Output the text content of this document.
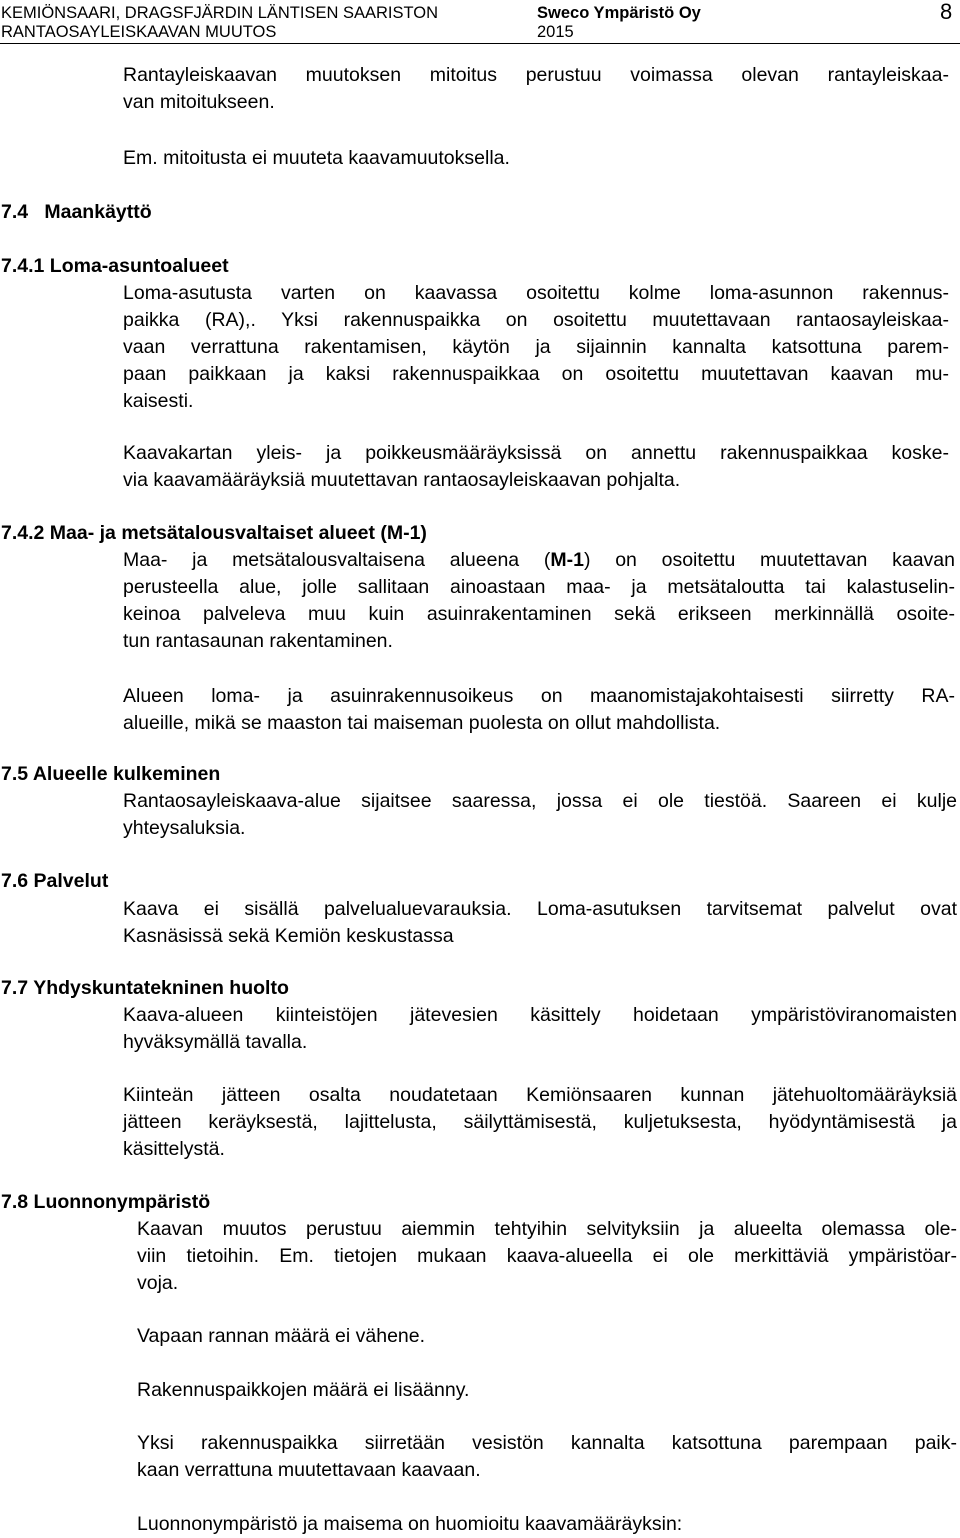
KEMIÖNSAARI, DRAGSFJÄRDIN LÄNTISEN SAARISTON
RANTAOSAYLEISKAAVAN MUUTOS
Sweco Ympäristö Oy
2015
8
Rantayleiskaavan muutoksen mitoitus perustuu voimassa olevan rantayleiskaa-
van mitoitukseen.
Em. mitoitusta ei muuteta kaavamuutoksella.
7.4 Maankäyttö
7.4.1 Loma-asuntoalueet
Loma-asutusta varten on kaavassa osoitettu kolme loma-asunnon rakennus-
paikka (RA),. Yksi rakennuspaikka on osoitettu muutettavaan rantaosayleiskaa-
vaan verrattuna rakentamisen, käytön ja sijainnin kannalta katsottuna parem-
paan paikkaan ja kaksi rakennuspaikkaa on osoitettu muutettavan kaavan mu-
kaisesti.
Kaavakartan yleis- ja poikkeusmääräyksissä on annettu rakennuspaikkaa koske-
via kaavamääräyksiä muutettavan rantaosayleiskaavan pohjalta.
7.4.2 Maa- ja metsätalousvaltaiset alueet (M-1)
Maa- ja metsätalousvaltaisena alueena (M-1) on osoitettu muutettavan kaavan
perusteella alue, jolle sallitaan ainoastaan maa- ja metsätaloutta tai kalastuselin-
keinoa palveleva muu kuin asuinrakentaminen sekä erikseen merkinnällä osoite-
tun rantasaunan rakentaminen.
Alueen loma- ja asuinrakennusoikeus on maanomistajakohtaisesti siirretty RA-
alueille, mikä se maaston tai maiseman puolesta on ollut mahdollista.
7.5 Alueelle kulkeminen
Rantaosayleiskaava-alue sijaitsee saaressa, jossa ei ole tiestöä. Saareen ei kulje
yhteysaluksia.
7.6 Palvelut
Kaava ei sisällä palvelualuevarauksia. Loma-asutuksen tarvitsemat palvelut ovat
Kasnäsissä sekä Kemiön keskustassa
7.7 Yhdyskuntatekninen huolto
Kaava-alueen kiinteistöjen jätevesien käsittely hoidetaan ympäristöviranomaisten
hyväksymällä tavalla.
Kiinteän jätteen osalta noudatetaan Kemiönsaaren kunnan jätehuoltomääräyksiä
jätteen keräyksestä, lajittelusta, säilyttämisestä, kuljetuksesta, hyödyntämisestä ja
käsittelystä.
7.8 Luonnonympäristö
Kaavan muutos perustuu aiemmin tehtyihin selvityksiin ja alueelta olemassa ole-
viin tietoihin. Em. tietojen mukaan kaava-alueella ei ole merkittäviä ympäristöar-
voja.
Vapaan rannan määrä ei vähene.
Rakennuspaikkojen määrä ei lisäänny.
Yksi rakennuspaikka siirretään vesistön kannalta katsottuna parempaan paik-
kaan verrattuna muutettavaan kaavaan.
Luonnonympäristö ja maisema on huomioitu kaavamääräyksin:
